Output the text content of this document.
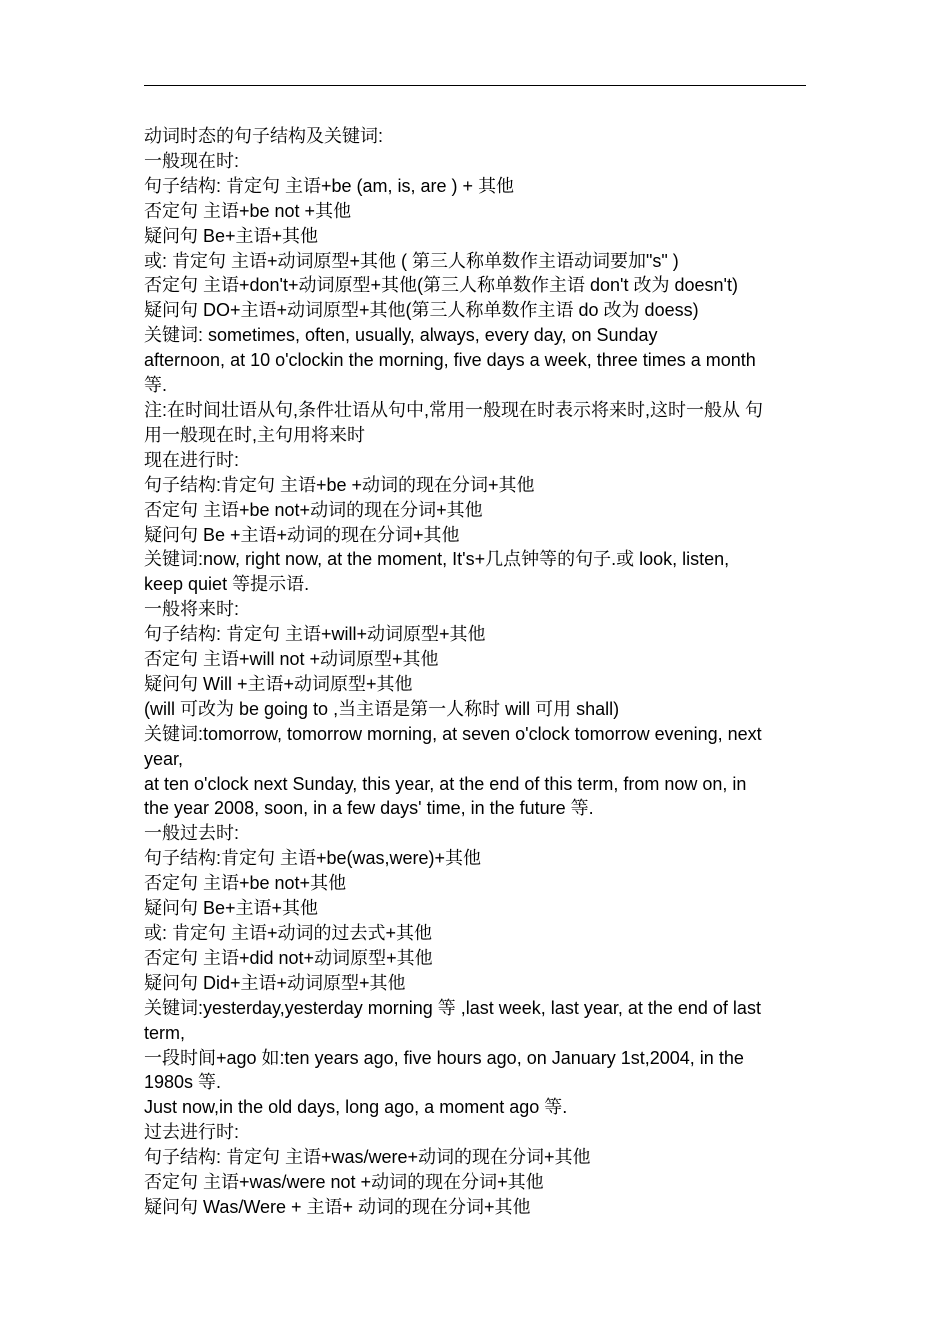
动词时态的句子结构及关键词:
一般现在时:
句子结构: 肯定句 主语+be (am, is, are ) + 其他
否定句 主语+be not +其他
疑问句 Be+主语+其他
或: 肯定句 主语+动词原型+其他 ( 第三人称单数作主语动词要加"s" )
否定句 主语+don't+动词原型+其他(第三人称单数作主语 don't 改为 doesn't)
疑问句 DO+主语+动词原型+其他(第三人称单数作主语 do 改为 doess)
关键词: sometimes, often, usually, always, every day, on Sunday
afternoon, at 10 o'clockin the morning, five days a week, three times a month
等.
注:在时间壮语从句,条件壮语从句中,常用一般现在时表示将来时,这时一般从 句
用一般现在时,主句用将来时
现在进行时:
句子结构:肯定句 主语+be +动词的现在分词+其他
否定句 主语+be not+动词的现在分词+其他
疑问句 Be +主语+动词的现在分词+其他
关键词:now, right now, at the moment, It's+几点钟等的句子.或 look, listen,
keep quiet 等提示语.
一般将来时:
句子结构: 肯定句 主语+will+动词原型+其他
否定句 主语+will not +动词原型+其他
疑问句 Will +主语+动词原型+其他
(will 可改为 be going to ,当主语是第一人称时 will 可用 shall)
关键词:tomorrow, tomorrow morning, at seven o'clock tomorrow evening, next
year,
at ten o'clock next Sunday, this year, at the end of this term, from now on, in
the year 2008, soon, in a few days' time, in the future 等.
一般过去时:
句子结构:肯定句 主语+be(was,were)+其他
否定句 主语+be not+其他
疑问句 Be+主语+其他
或: 肯定句 主语+动词的过去式+其他
否定句 主语+did not+动词原型+其他
疑问句 Did+主语+动词原型+其他
关键词:yesterday,yesterday morning 等 ,last week, last year, at the end of last
term,
一段时间+ago 如:ten years ago, five hours ago, on January 1st,2004, in the
1980s 等.
Just now,in the old days, long ago, a moment ago 等.
过去进行时:
句子结构: 肯定句 主语+was/were+动词的现在分词+其他
否定句 主语+was/were not +动词的现在分词+其他
疑问句 Was/Were + 主语+ 动词的现在分词+其他
